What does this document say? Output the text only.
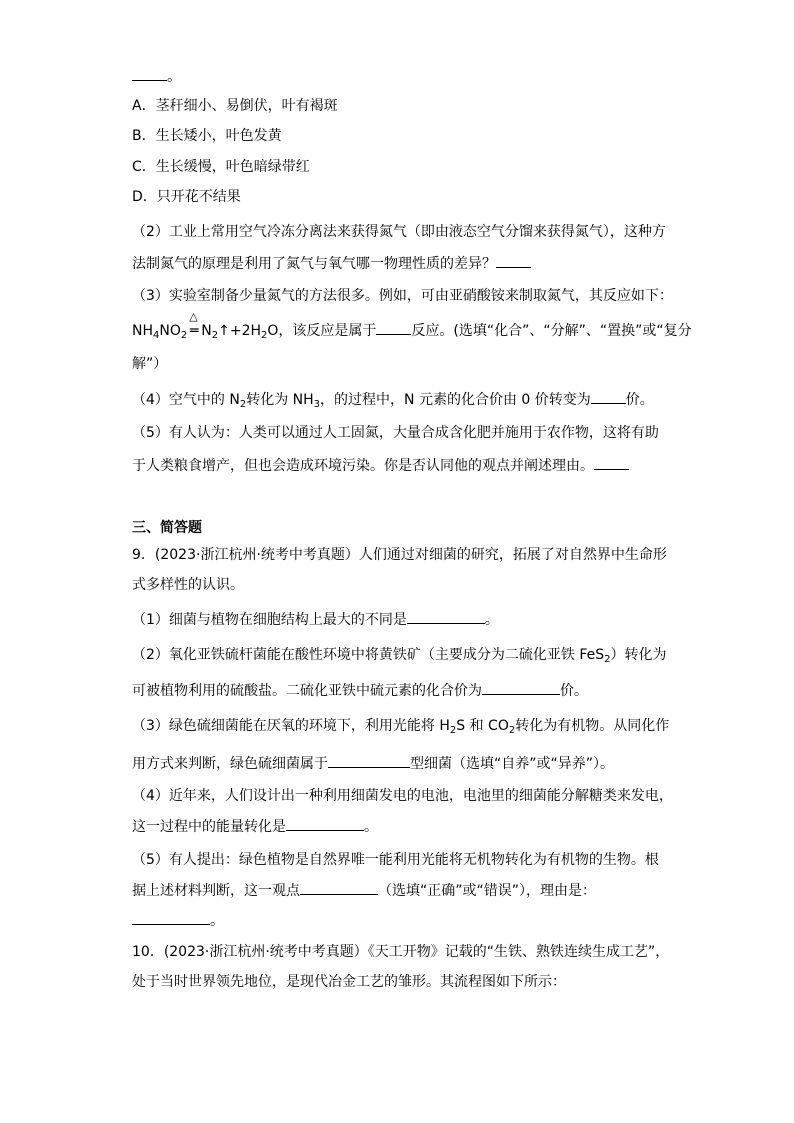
。
A．茎秆细小、易倒伏，叶有褐斑
B．生长矮小，叶色发黄
C．生长缓慢，叶色暗绿带红
D．只开花不结果
（2）工业上常用空气冷冻分离法来获得氮气（即由液态空气分馏来获得氮气），这种方
法制氮气的原理是利用了氮气与氧气哪一物理性质的差异？
（3）实验室制备少量氮气的方法很多。例如，可由亚硝酸铵来制取氮气，其反应如下：
$NH_4NO_2$
△
═ $N_2↑+2H_2O$，该反应是属于	反应。(选填“化合”、“分解”、“置换”或“复分
解”）
（4）空气中的 $N_2$转化为 $NH_3$，的过程中，N 元素的化合价由 0 价转变为	价。
（5）有人认为：人类可以通过人工固氮，大量合成含化肥并施用于农作物，这将有助
于人类粮食增产，但也会造成环境污染。你是否认同他的观点并阐述理由。
三、简答题
9．(2023·浙江杭州·统考中考真题）人们通过对细菌的研究，拓展了对自然界中生命形
式多样性的认识。
（1）细菌与植物在细胞结构上最大的不同是	。
（2）氧化亚铁硫杆菌能在酸性环境中将黄铁矿（主要成分为二硫化亚铁 FeS$_2$）转化为
可被植物利用的硫酸盐。二硫化亚铁中硫元素的化合价为	价。
（3）绿色硫细菌能在厌氧的环境下，利用光能将 $H_2S$ 和 $CO_2$转化为有机物。从同化作
用方式来判断，绿色硫细菌属于	型细菌（选填“自养”或“异养”）。
（4）近年来，人们设计出一种利用细菌发电的电池，电池里的细菌能分解糖类来发电，
这一过程中的能量转化是	。
（5）有人提出：绿色植物是自然界唯一能利用光能将无机物转化为有机物的生物。根
据上述材料判断，这一观点	（选填“正确”或“错误”），理由是：
。
10．(2023·浙江杭州·统考中考真题）《天工开物》记载的“生铁、熟铁连续生成工艺”，
处于当时世界领先地位，是现代冶金工艺的雏形。其流程图如下所示：
